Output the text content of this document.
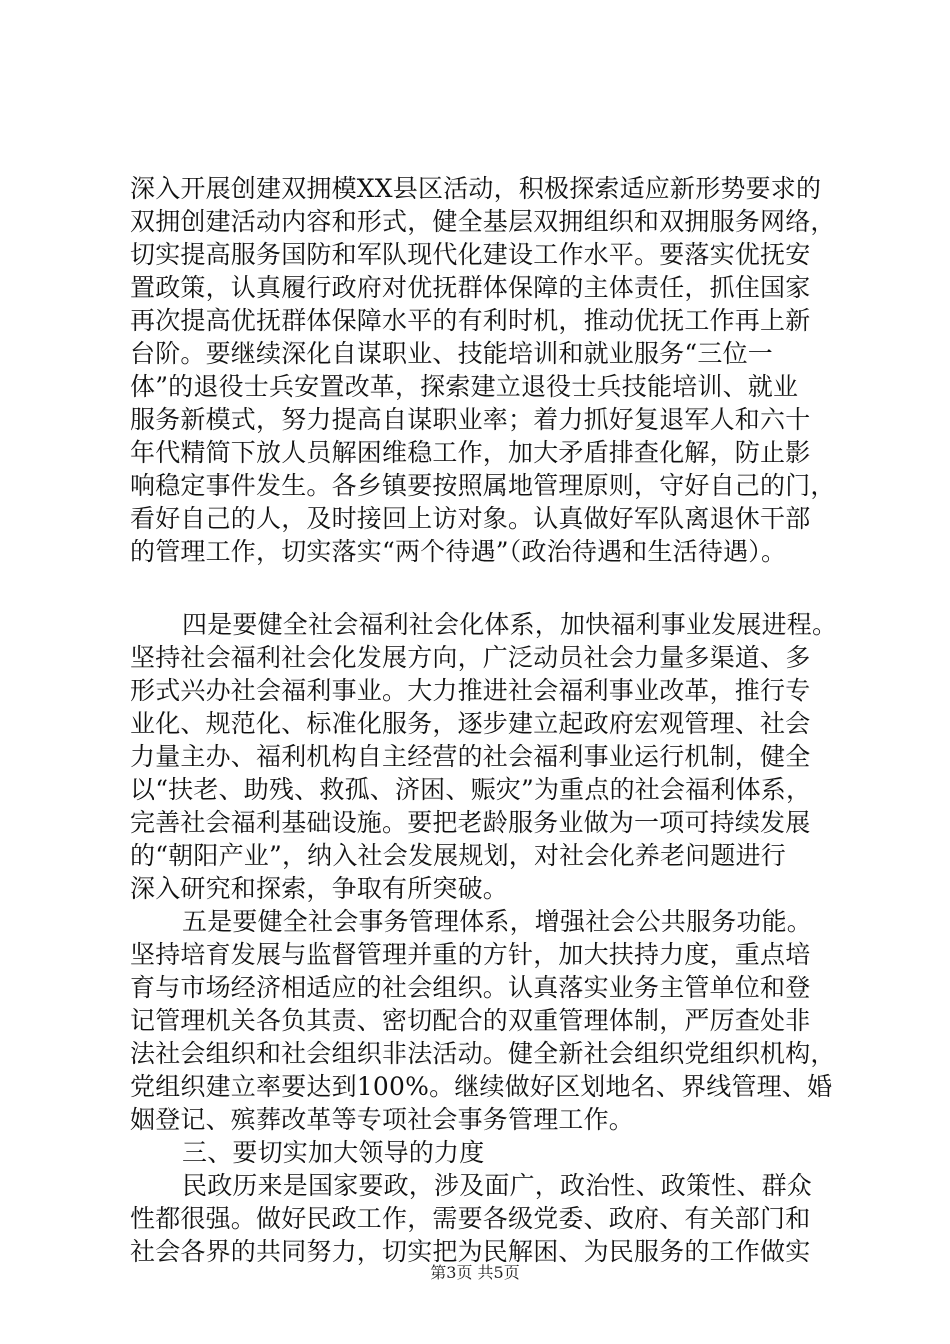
深入开展创建双拥模XX县区活动，积极探索适应新形势要求的
双拥创建活动内容和形式，健全基层双拥组织和双拥服务网络，
切实提高服务国防和军队现代化建设工作水平。要落实优抚安
置政策，认真履行政府对优抚群体保障的主体责任，抓住国家
再次提高优抚群体保障水平的有利时机，推动优抚工作再上新
台阶。要继续深化自谋职业、技能培训和就业服务“三位一
体”的退役士兵安置改革，探索建立退役士兵技能培训、就业
服务新模式，努力提高自谋职业率；着力抓好复退军人和六十
年代精简下放人员解困维稳工作，加大矛盾排查化解，防止影
响稳定事件发生。各乡镇要按照属地管理原则，守好自己的门，
看好自己的人，及时接回上访对象。认真做好军队离退休干部
的管理工作，切实落实“两个待遇”（政治待遇和生活待遇）。
四是要健全社会福利社会化体系，加快福利事业发展进程。
坚持社会福利社会化发展方向，广泛动员社会力量多渠道、多
形式兴办社会福利事业。大力推进社会福利事业改革，推行专
业化、规范化、标准化服务，逐步建立起政府宏观管理、社会
力量主办、福利机构自主经营的社会福利事业运行机制，健全
以“扶老、助残、救孤、济困、赈灾”为重点的社会福利体系，
完善社会福利基础设施。要把老龄服务业做为一项可持续发展
的“朝阳产业”，纳入社会发展规划，对社会化养老问题进行
深入研究和探索，争取有所突破。
五是要健全社会事务管理体系，增强社会公共服务功能。
坚持培育发展与监督管理并重的方针，加大扶持力度，重点培
育与市场经济相适应的社会组织。认真落实业务主管单位和登
记管理机关各负其责、密切配合的双重管理体制，严厉查处非
法社会组织和社会组织非法活动。健全新社会组织党组织机构，
党组织建立率要达到100%。继续做好区划地名、界线管理、婚
姻登记、殡葬改革等专项社会事务管理工作。
三、要切实加大领导的力度
民政历来是国家要政，涉及面广，政治性、政策性、群众
性都很强。做好民政工作，需要各级党委、政府、有关部门和
社会各界的共同努力，切实把为民解困、为民服务的工作做实
第3页 共5页
